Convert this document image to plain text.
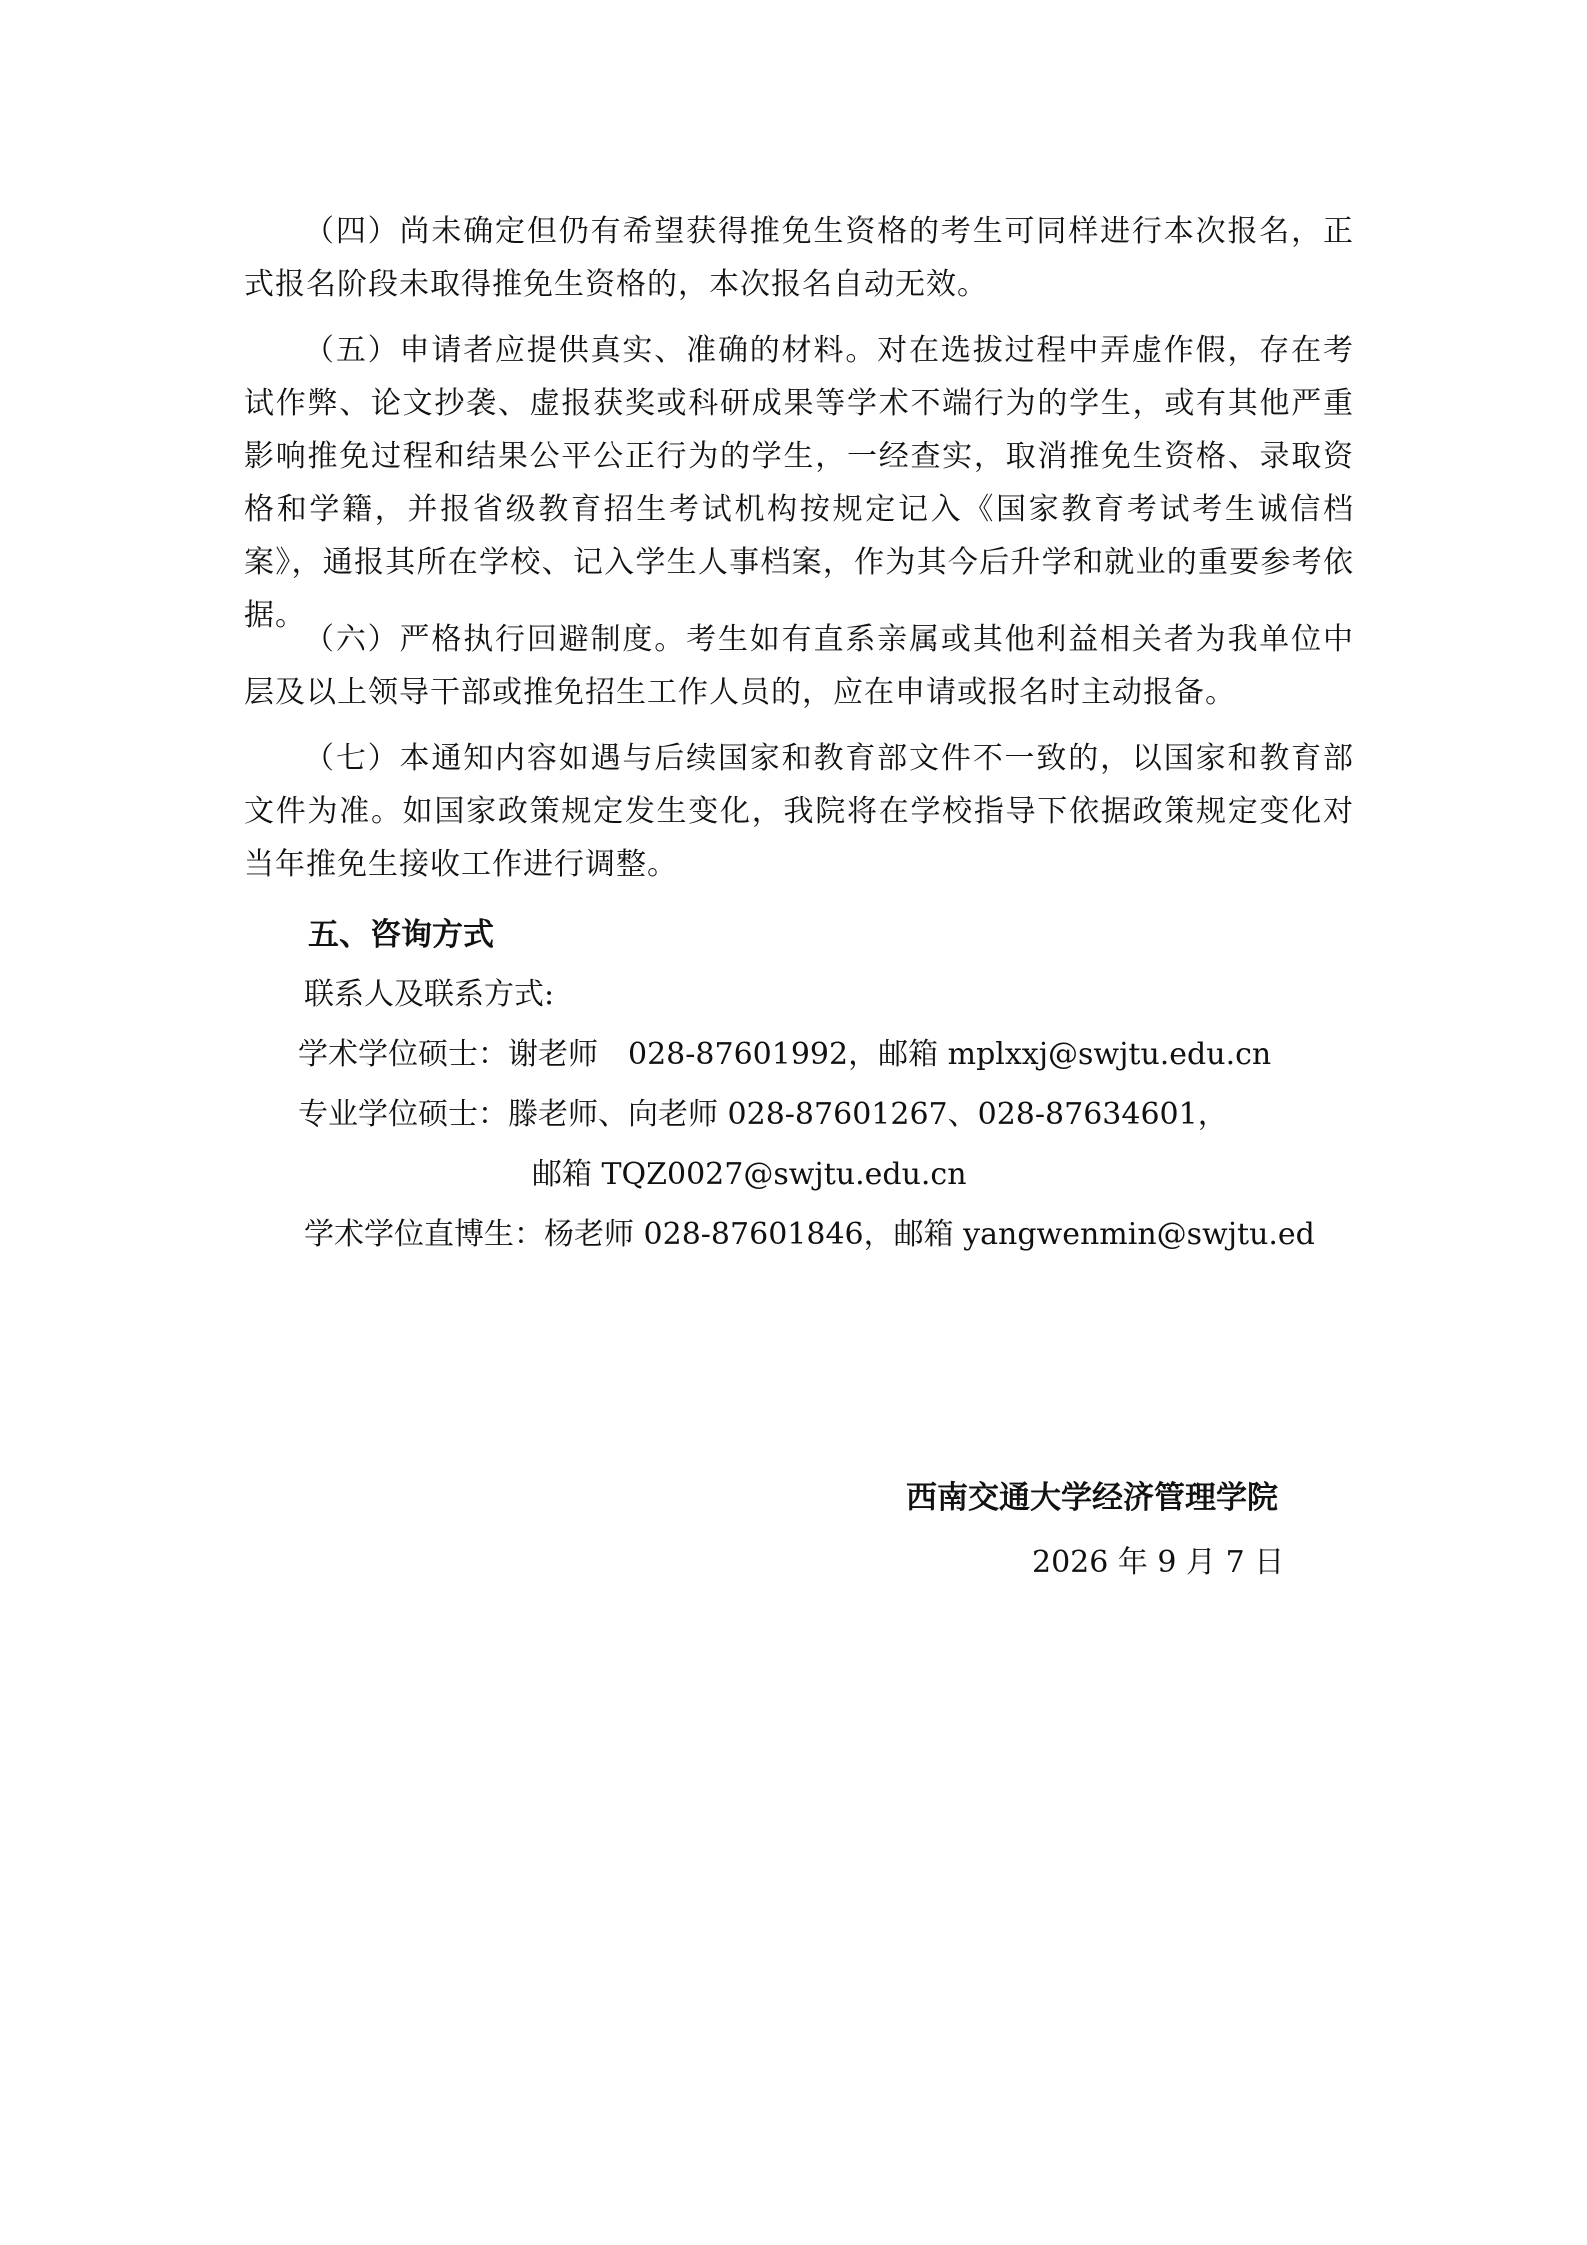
（四）尚未确定但仍有希望获得推免生资格的考生可同样进行本次报名，正式报名阶段未取得推免生资格的，本次报名自动无效。

（五）申请者应提供真实、准确的材料。对在选拔过程中弄虚作假，存在考试作弊、论文抄袭、虚报获奖或科研成果等学术不端行为的学生，或有其他严重影响推免过程和结果公平公正行为的学生，一经查实，取消推免生资格、录取资格和学籍，并报省级教育招生考试机构按规定记入《国家教育考试考生诚信档案》，通报其所在学校、记入学生人事档案，作为其今后升学和就业的重要参考依据。

（六）严格执行回避制度。考生如有直系亲属或其他利益相关者为我单位中层及以上领导干部或推免招生工作人员的，应在申请或报名时主动报备。

（七）本通知内容如遇与后续国家和教育部文件不一致的，以国家和教育部文件为准。如国家政策规定发生变化，我院将在学校指导下依据政策规定变化对当年推免生接收工作进行调整。

五、咨询方式
联系人及联系方式:
学术学位硕士：谢老师　028-87601992，邮箱 mplxxj@swjtu.edu.cn
专业学位硕士：滕老师、向老师 028-87601267、028-87634601，
邮箱 TQZ0027@swjtu.edu.cn
学术学位直博生：杨老师 028-87601846，邮箱 yangwenmin@swjtu.ed
西南交通大学经济管理学院
2026 年 9 月 7 日
